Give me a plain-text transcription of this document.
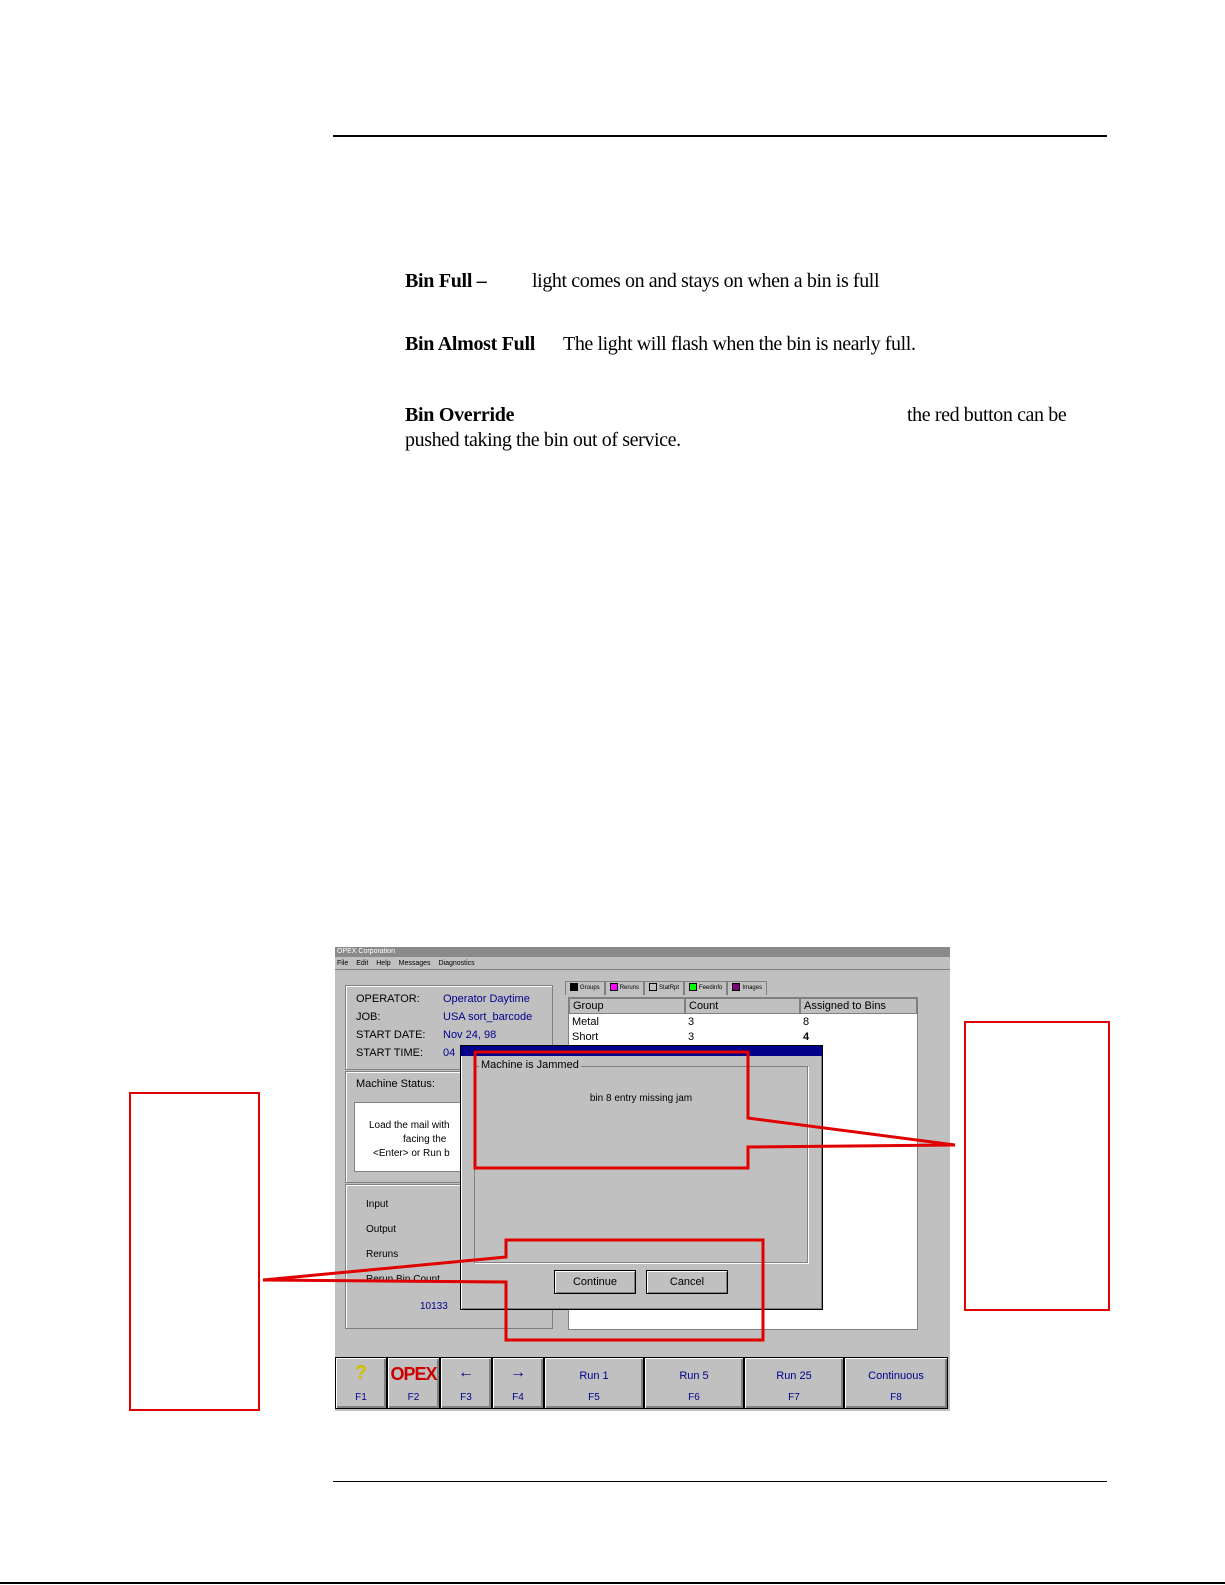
Bin Full – light comes on and stays on when a bin is full
Bin Almost Full The light will flash when the bin is nearly full.
Bin Override	the red button can be
pushed taking the bin out of service.
OPEX Corporation
File Edit Help Messages Diagnostics
OPERATOR: Operator Daytime
JOB:	USA sort_barcode
START DATE: Nov 24, 98
START TIME: 04
Machine Status:
Load the mail with
facing the
<Enter> or Run b
Input
Output
Reruns
Rerun Bin Count
10133
Groups	Reruns	StatRpt	Feedinfo	Images
Group	Count	Assigned to Bins
Metal	3	8
Short	3	4
Machine is Jammed
bin 8 entry missing jam
Continue	Cancel
?
F1
OPEX
F2
←
F3
→
F4
Run 1
F5
Run 5
F6
Run 25
F7
Continuous
F8
